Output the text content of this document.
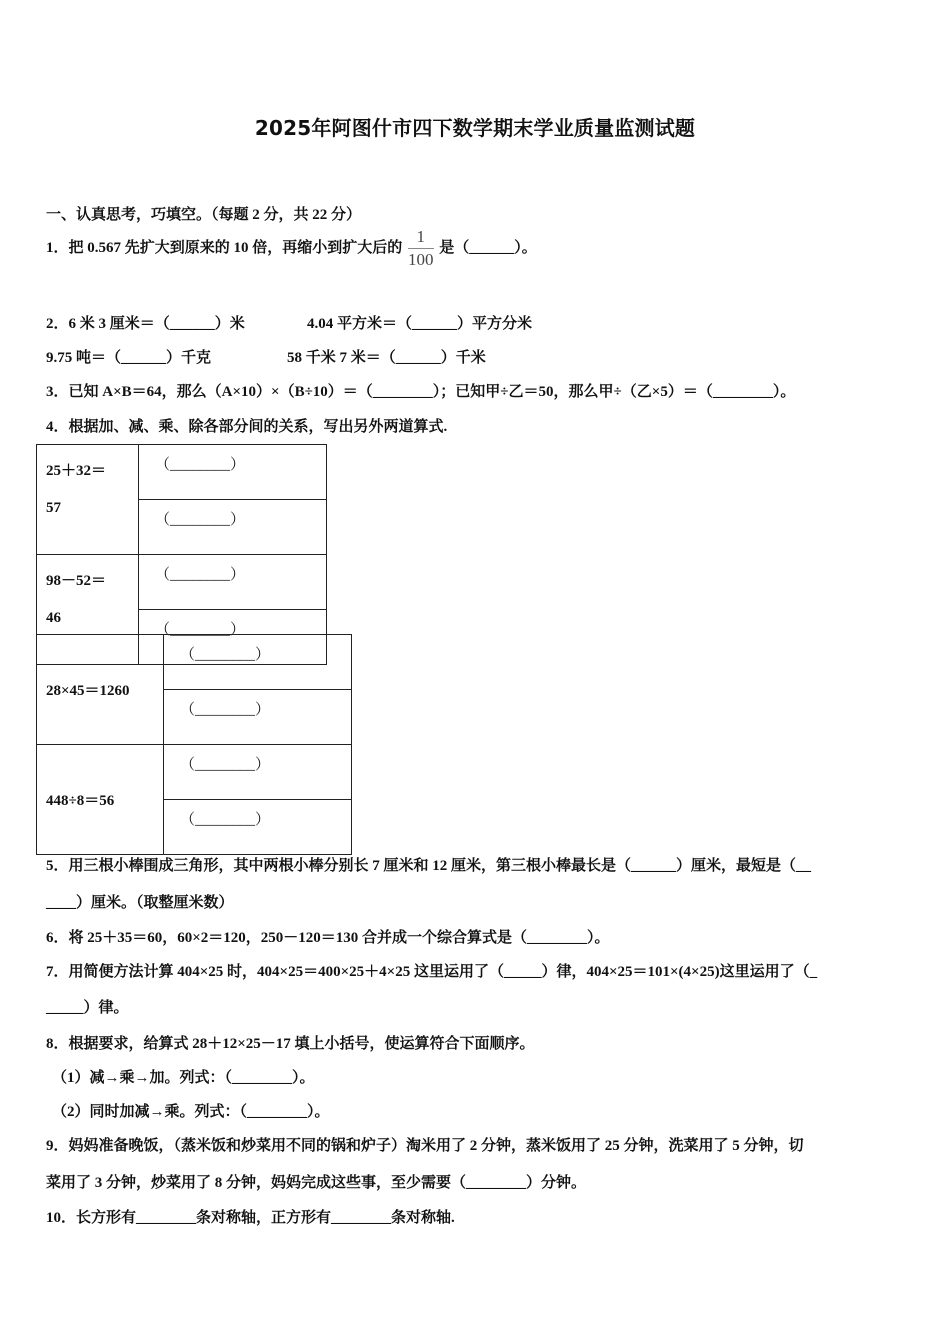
2025年阿图什市四下数学期末学业质量监测试题
一、认真思考，巧填空。（每题 2 分，共 22 分）
1．把 0.567 先扩大到原来的 10 倍，再缩小到扩大后的 $\frac{1}{100}$ 是（______）。
2．6 米 3 厘米＝（______）米	4.04 平方米＝（______）平方分米
9.75 吨＝（______）千克	58 千米 7 米＝（______）千米
3．已知 A×B＝64，那么（A×10）×（B÷10）＝（________）；已知甲÷乙＝50，那么甲÷（乙×5）＝（________）。
4．根据加、减、乘、除各部分间的关系，写出另外两道算式.
25＋32＝
57	（________）
	（________）

98－52＝
46	（________）
	（________）
28×45＝1260	（________）
	（________）
448÷8＝56	（________）
	（________）
5．用三根小棒围成三角形，其中两根小棒分别长 7 厘米和 12 厘米，第三根小棒最长是（______）厘米，最短是（__
____）厘米。（取整厘米数）
6．将 25＋35＝60，60×2＝120，250－120＝130 合并成一个综合算式是（________）。
7．用简便方法计算 404×25 时，404×25＝400×25＋4×25 这里运用了（_____）律，404×25＝101×(4×25)这里运用了（_
_____）律。
8．根据要求，给算式 28＋12×25－17 填上小括号，使运算符合下面顺序。
（1）减→乘→加。列式：（________）。
（2）同时加减→乘。列式：（________）。
9．妈妈准备晚饭，（蒸米饭和炒菜用不同的锅和炉子）淘米用了 2 分钟，蒸米饭用了 25 分钟，洗菜用了 5 分钟，切
菜用了 3 分钟，炒菜用了 8 分钟，妈妈完成这些事，至少需要（________）分钟。
10．长方形有________条对称轴，正方形有________条对称轴.
